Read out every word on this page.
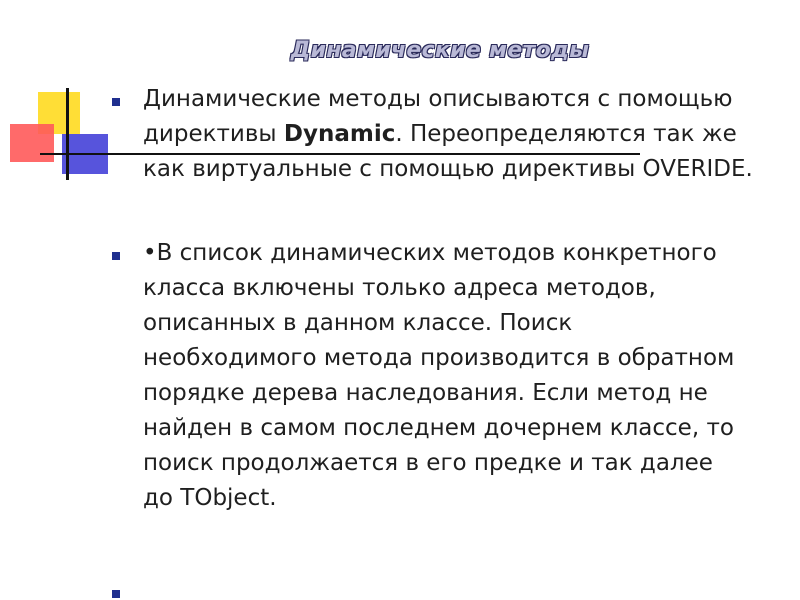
Динамические методы

Динамические методы описываются с помощью директивы Dynamic. Переопределяются так же как виртуальные с помощью директивы OVERIDE.

•В список динамических методов конкретного класса включены только адреса методов, описанных в данном классе. Поиск необходимого метода производится в обратном порядке дерева наследования. Если метод не найден в самом последнем дочернем классе, то поиск продолжается в его предке и так далее до TObject.
